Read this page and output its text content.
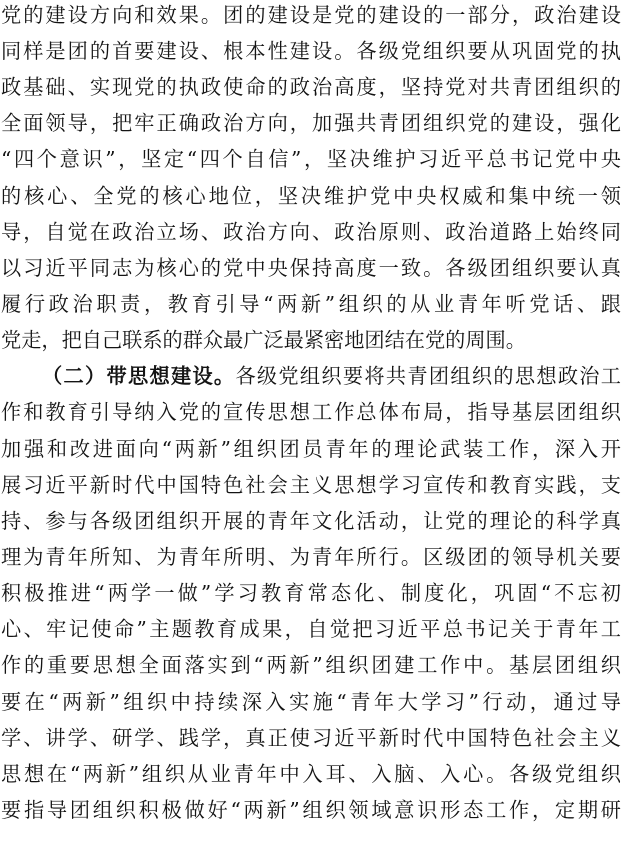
党的建设方向和效果。团的建设是党的建设的一部分，政治建设
同样是团的首要建设、根本性建设。各级党组织要从巩固党的执
政基础、实现党的执政使命的政治高度，坚持党对共青团组织的
全面领导，把牢正确政治方向，加强共青团组织党的建设，强化
“四个意识”，坚定“四个自信”，坚决维护习近平总书记党中央
的核心、全党的核心地位，坚决维护党中央权威和集中统一领
导，自觉在政治立场、政治方向、政治原则、政治道路上始终同
以习近平同志为核心的党中央保持高度一致。各级团组织要认真
履行政治职责，教育引导“两新”组织的从业青年听党话、跟
党走，把自己联系的群众最广泛最紧密地团结在党的周围。
（二）带思想建设。各级党组织要将共青团组织的思想政治工
作和教育引导纳入党的宣传思想工作总体布局，指导基层团组织
加强和改进面向“两新”组织团员青年的理论武装工作，深入开
展习近平新时代中国特色社会主义思想学习宣传和教育实践，支
持、参与各级团组织开展的青年文化活动，让党的理论的科学真
理为青年所知、为青年所明、为青年所行。区级团的领导机关要
积极推进“两学一做”学习教育常态化、制度化，巩固“不忘初
心、牢记使命”主题教育成果，自觉把习近平总书记关于青年工
作的重要思想全面落实到“两新”组织团建工作中。基层团组织
要在“两新”组织中持续深入实施“青年大学习”行动，通过导
学、讲学、研学、践学，真正使习近平新时代中国特色社会主义
思想在“两新”组织从业青年中入耳、入脑、入心。各级党组织
要指导团组织积极做好“两新”组织领域意识形态工作，定期研
